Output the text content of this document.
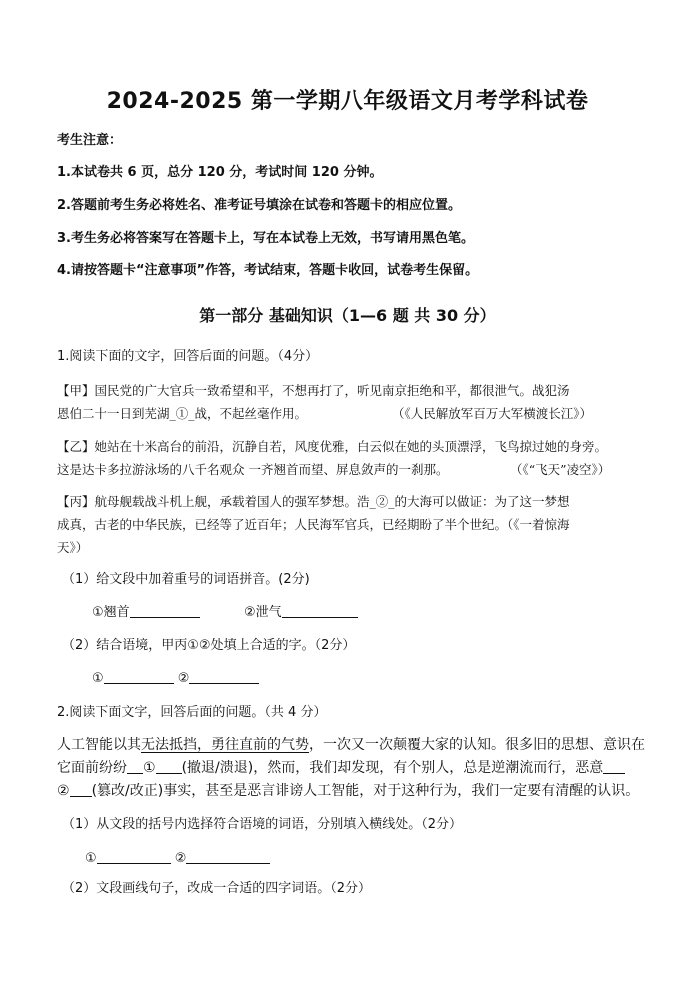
2024-2025 第一学期八年级语文月考学科试卷
考生注意：
1.本试卷共 6 页，总分 120 分，考试时间 120 分钟。
2.答题前考生务必将姓名、准考证号填涂在试卷和答题卡的相应位置。
3.考生务必将答案写在答题卡上，写在本试卷上无效，书写请用黑色笔。
4.请按答题卡“注意事项”作答，考试结束，答题卡收回，试卷考生保留。
第一部分 基础知识（1—6 题 共 30 分）
1.阅读下面的文字，回答后面的问题。（4分）
【甲】国民党的广大官兵一致希望和平，不想再打了，听见南京拒绝和平，都很泄气。战犯汤
恩伯二十一日到芜湖_①_战，不起丝毫作用。	（《人民解放军百万大军横渡长江》）
【乙】她站在十米高台的前沿，沉静自若，风度优雅，白云似在她的头顶漂浮，飞鸟掠过她的身旁。
这是达卡多拉游泳场的八千名观众 一齐翘首而望、屏息敛声的一刹那。	（《“飞天”凌空》）
【丙】航母舰载战斗机上舰，承载着国人的强军梦想。浩_②_的大海可以做证：为了这一梦想
成真，古老的中华民族，已经等了近百年；人民海军官兵，已经期盼了半个世纪。（《一着惊海
天》）
（1）给文段中加着重号的词语拼音。(2分)
①翘首	②泄气
（2）结合语境，甲丙①②处填上合适的字。（2分）
①	②
2.阅读下面文字，回答后面的问题。（共 4 分）
人工智能以其无法抵挡，勇往直前的气势，一次又一次颠覆大家的认知。很多旧的思想、意识在
它面前纷纷 ① (撤退/溃退)，然而，我们却发现，有个别人，总是逆潮流而行，恶意
② (篡改/改正)事实，甚至是恶言诽谤人工智能，对于这种行为，我们一定要有清醒的认识。
（1）从文段的括号内选择符合语境的词语，分别填入横线处。（2分）
①	②
（2）文段画线句子，改成一合适的四字词语。（2分）
